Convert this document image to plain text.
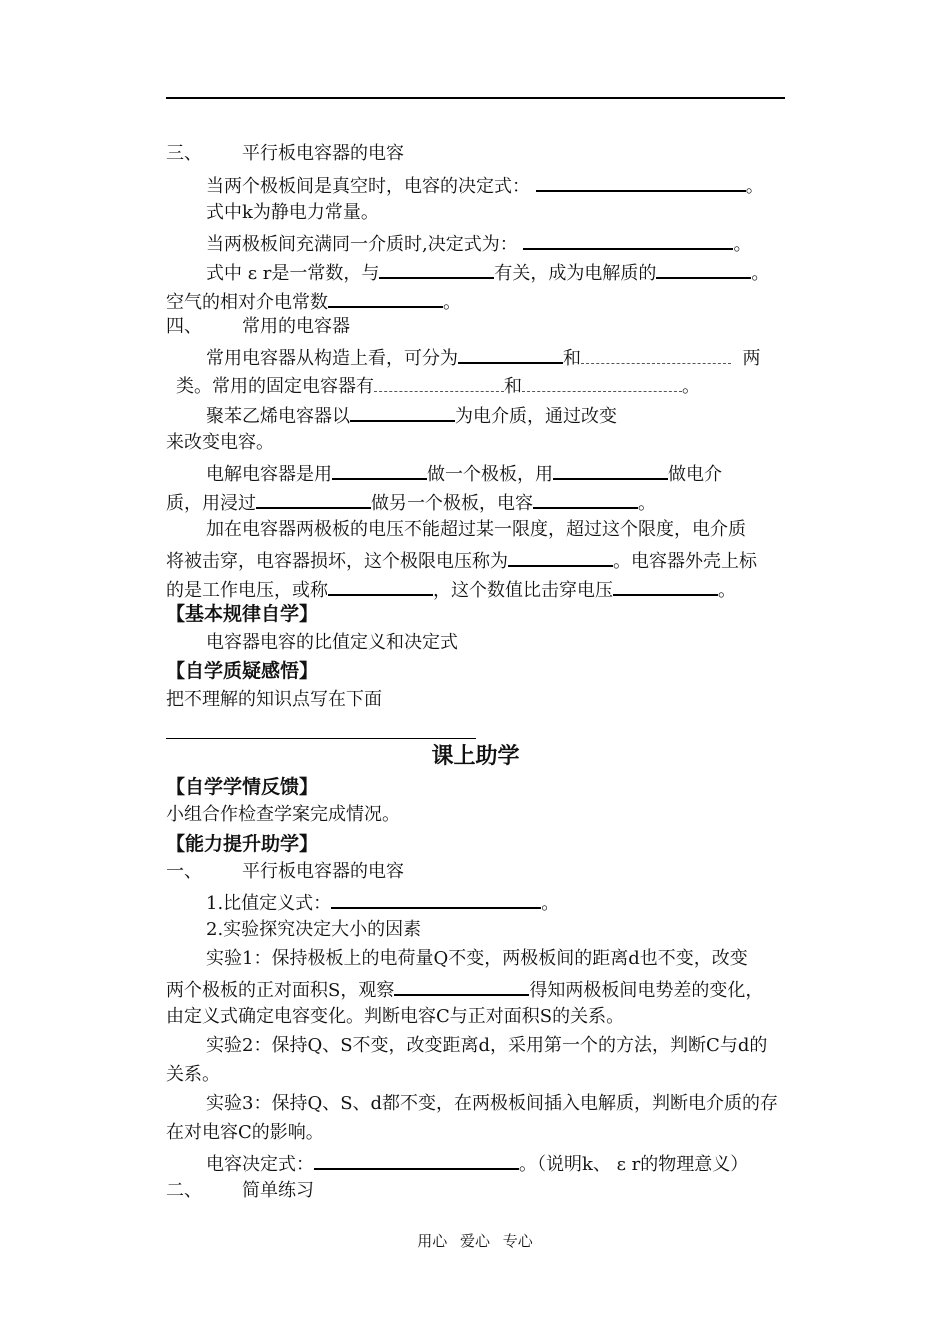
三、 平行板电容器的电容
当两个极板间是真空时，电容的决定式：	。
式中k为静电力常量。
当两极板间充满同一介质时,决定式为：	。
式中 ε r是一常数，与	有关，成为电解质的	。
空气的相对介电常数	。
四、 常用的电容器
常用电容器从构造上看，可分为	和	两
类。常用的固定电容器有	和	。
聚苯乙烯电容器以	为电介质，通过改变
来改变电容。
电解电容器是用	做一个极板，用	做电介
质，用浸过	做另一个极板，电容	。
加在电容器两极板的电压不能超过某一限度，超过这个限度，电介质
将被击穿，电容器损坏，这个极限电压称为	。电容器外壳上标
的是工作电压，或称	，这个数值比击穿电压	。
【基本规律自学】
电容器电容的比值定义和决定式
【自学质疑感悟】
把不理解的知识点写在下面
课上助学
【自学学情反馈】
小组合作检查学案完成情况。
【能力提升助学】
一、 平行板电容器的电容
1.比值定义式：	。
2.实验探究决定大小的因素
实验1：保持极板上的电荷量Q不变，两极板间的距离d也不变，改变
两个极板的正对面积S，观察	得知两极板间电势差的变化，
由定义式确定电容变化。判断电容C与正对面积S的关系。
实验2：保持Q、S不变，改变距离d，采用第一个的方法，判断C与d的
关系。
实验3：保持Q、S、d都不变，在两极板间插入电解质，判断电介质的存
在对电容C的影响。
电容决定式：	。（说明k、 ε r的物理意义）
二、 简单练习
用心 爱心 专心
